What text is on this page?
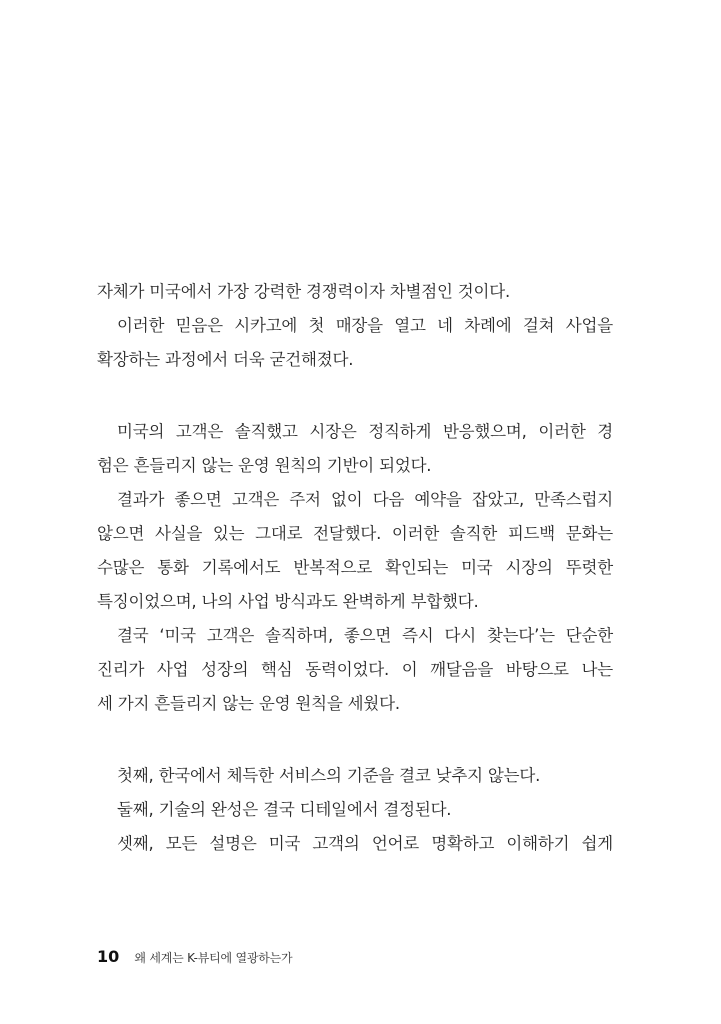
자체가 미국에서 가장 강력한 경쟁력이자 차별점인 것이다.
이러한 믿음은 시카고에 첫 매장을 열고 네 차례에 걸쳐 사업을
확장하는 과정에서 더욱 굳건해졌다.
미국의 고객은 솔직했고 시장은 정직하게 반응했으며, 이러한 경
험은 흔들리지 않는 운영 원칙의 기반이 되었다.
결과가 좋으면 고객은 주저 없이 다음 예약을 잡았고, 만족스럽지
않으면 사실을 있는 그대로 전달했다. 이러한 솔직한 피드백 문화는
수많은 통화 기록에서도 반복적으로 확인되는 미국 시장의 뚜렷한
특징이었으며, 나의 사업 방식과도 완벽하게 부합했다.
결국 ‘미국 고객은 솔직하며, 좋으면 즉시 다시 찾는다’는 단순한
진리가 사업 성장의 핵심 동력이었다. 이 깨달음을 바탕으로 나는
세 가지 흔들리지 않는 운영 원칙을 세웠다.
첫째, 한국에서 체득한 서비스의 기준을 결코 낮추지 않는다.
둘째, 기술의 완성은 결국 디테일에서 결정된다.
셋째, 모든 설명은 미국 고객의 언어로 명확하고 이해하기 쉽게
10 왜 세계는 K-뷰티에 열광하는가
